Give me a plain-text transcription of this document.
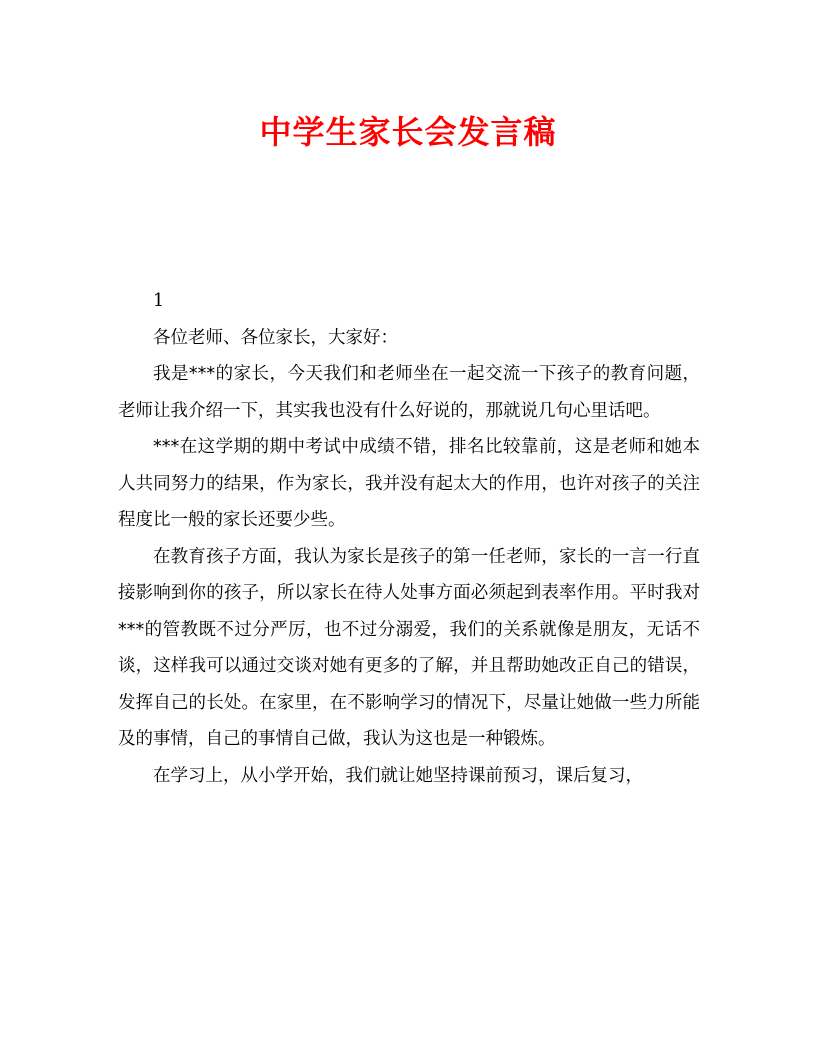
中学生家长会发言稿

1

各位老师、各位家长，大家好：

我是***的家长，今天我们和老师坐在一起交流一下孩子的教育问题，老师让我介绍一下，其实我也没有什么好说的，那就说几句心里话吧。

***在这学期的期中考试中成绩不错，排名比较靠前，这是老师和她本人共同努力的结果，作为家长，我并没有起太大的作用，也许对孩子的关注程度比一般的家长还要少些。

在教育孩子方面，我认为家长是孩子的第一任老师，家长的一言一行直接影响到你的孩子，所以家长在待人处事方面必须起到表率作用。平时我对***的管教既不过分严厉，也不过分溺爱，我们的关系就像是朋友，无话不谈，这样我可以通过交谈对她有更多的了解，并且帮助她改正自己的错误，发挥自己的长处。在家里，在不影响学习的情况下，尽量让她做一些力所能及的事情，自己的事情自己做，我认为这也是一种锻炼。

在学习上，从小学开始，我们就让她坚持课前预习，课后复习，
